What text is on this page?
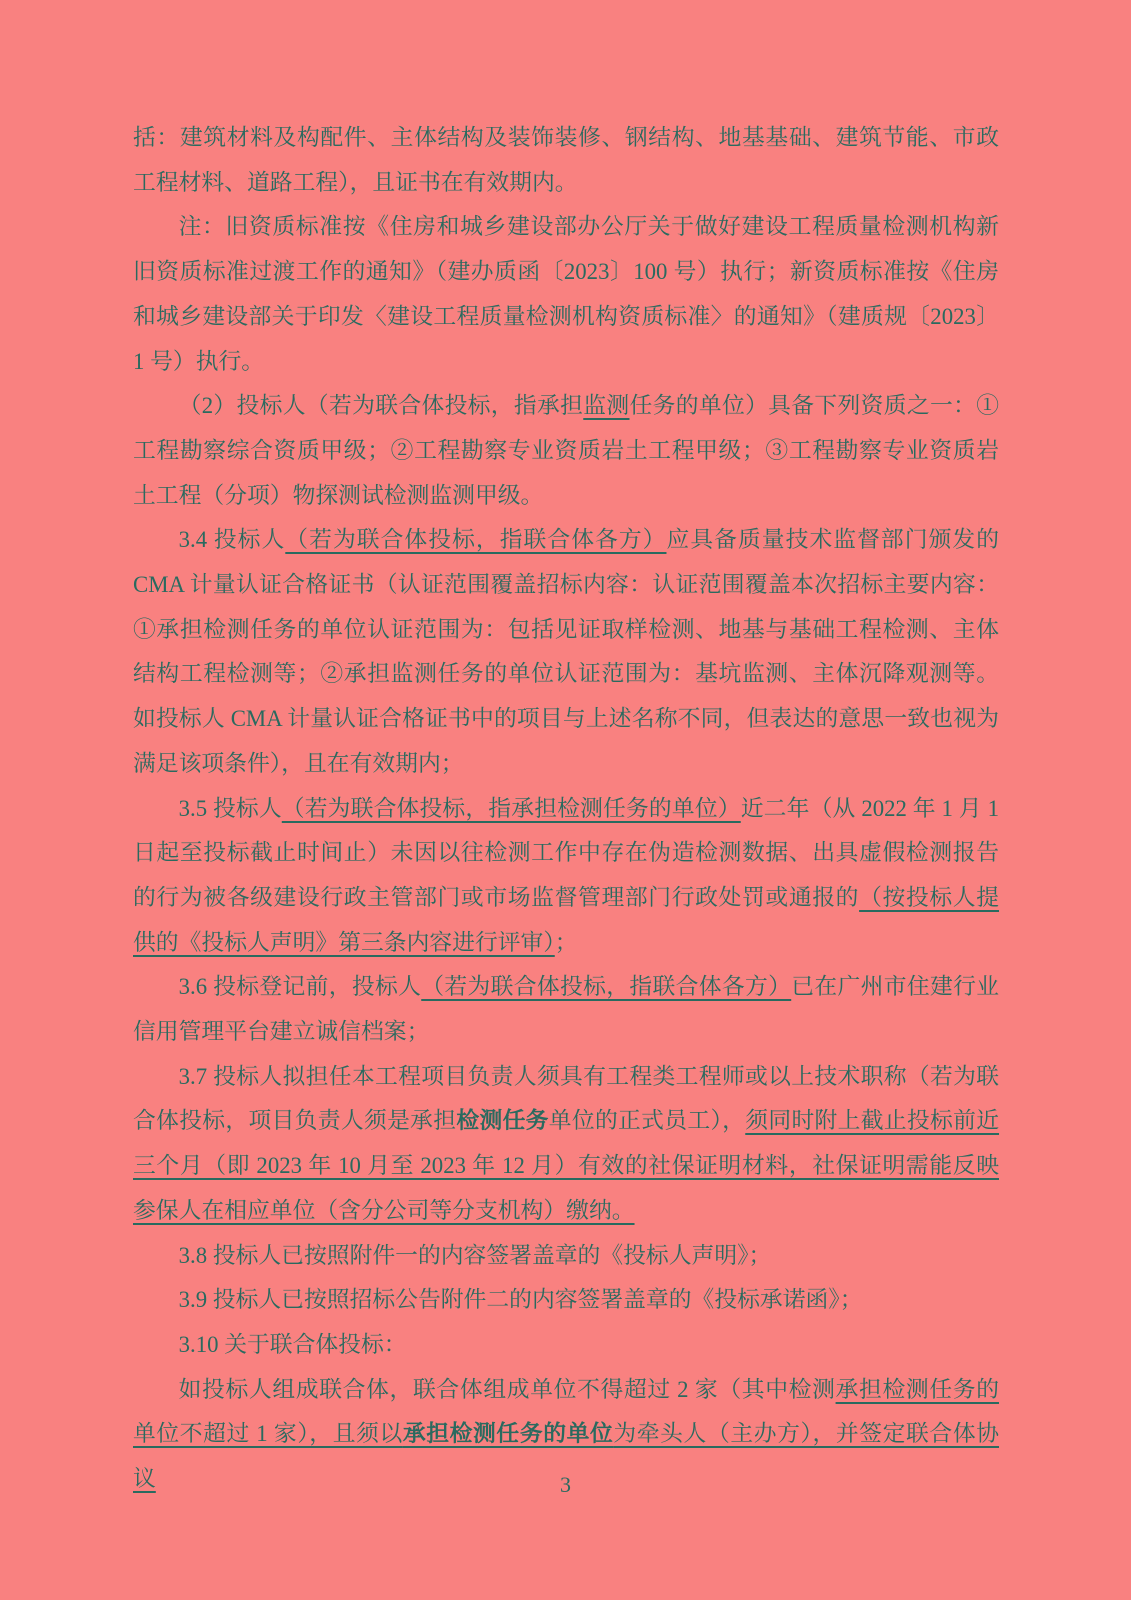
括：建筑材料及构配件、主体结构及装饰装修、钢结构、地基基础、建筑节能、市政工程材料、道路工程），且证书在有效期内。

注：旧资质标准按《住房和城乡建设部办公厅关于做好建设工程质量检测机构新旧资质标准过渡工作的通知》（建办质函〔2023〕100 号）执行；新资质标准按《住房和城乡建设部关于印发〈建设工程质量检测机构资质标准〉的通知》（建质规〔2023〕1 号）执行。

（2）投标人（若为联合体投标，指承担监测任务的单位）具备下列资质之一：①工程勘察综合资质甲级；②工程勘察专业资质岩土工程甲级；③工程勘察专业资质岩土工程（分项）物探测试检测监测甲级。

3.4 投标人（若为联合体投标，指联合体各方）应具备质量技术监督部门颁发的 CMA 计量认证合格证书（认证范围覆盖招标内容：认证范围覆盖本次招标主要内容：①承担检测任务的单位认证范围为：包括见证取样检测、地基与基础工程检测、主体结构工程检测等；②承担监测任务的单位认证范围为：基坑监测、主体沉降观测等。如投标人 CMA 计量认证合格证书中的项目与上述名称不同，但表达的意思一致也视为满足该项条件），且在有效期内；

3.5 投标人（若为联合体投标，指承担检测任务的单位）近二年（从 2022 年 1 月 1 日起至投标截止时间止）未因以往检测工作中存在伪造检测数据、出具虚假检测报告的行为被各级建设行政主管部门或市场监督管理部门行政处罚或通报的（按投标人提供的《投标人声明》第三条内容进行评审）；

3.6 投标登记前，投标人（若为联合体投标，指联合体各方）已在广州市住建行业信用管理平台建立诚信档案；

3.7 投标人拟担任本工程项目负责人须具有工程类工程师或以上技术职称（若为联合体投标，项目负责人须是承担检测任务单位的正式员工），须同时附上截止投标前近三个月（即 2023 年 10 月至 2023 年 12 月）有效的社保证明材料，社保证明需能反映参保人在相应单位（含分公司等分支机构）缴纳。

3.8 投标人已按照附件一的内容签署盖章的《投标人声明》；

3.9 投标人已按照招标公告附件二的内容签署盖章的《投标承诺函》；

3.10 关于联合体投标：

如投标人组成联合体，联合体组成单位不得超过 2 家（其中检测承担检测任务的单位不超过 1 家），且须以承担检测任务的单位为牵头人（主办方），并签定联合体协议	3
